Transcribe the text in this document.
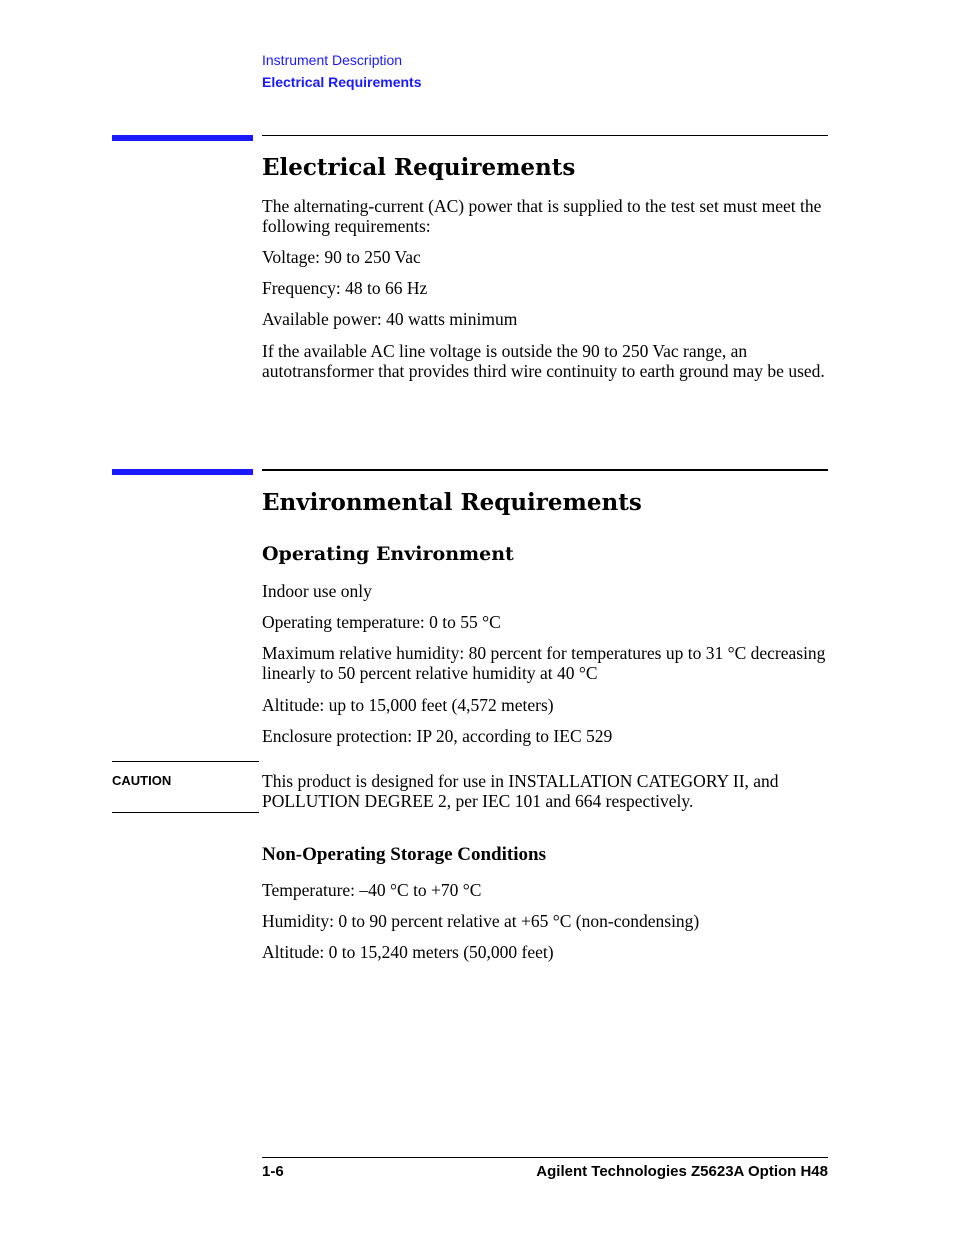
Instrument Description
Electrical Requirements
Electrical Requirements
The alternating-current (AC) power that is supplied to the test set must meet the following requirements:
Voltage: 90 to 250 Vac
Frequency: 48 to 66 Hz
Available power: 40 watts minimum
If the available AC line voltage is outside the 90 to 250 Vac range, an autotransformer that provides third wire continuity to earth ground may be used.
Environmental Requirements
Operating Environment
Indoor use only
Operating temperature: 0 to 55 °C
Maximum relative humidity: 80 percent for temperatures up to 31 °C decreasing linearly to 50 percent relative humidity at 40 °C
Altitude: up to 15,000 feet (4,572 meters)
Enclosure protection: IP 20, according to IEC 529
CAUTION	This product is designed for use in INSTALLATION CATEGORY II, and POLLUTION DEGREE 2, per IEC 101 and 664 respectively.
Non-Operating Storage Conditions
Temperature: –40 °C to +70 °C
Humidity: 0 to 90 percent relative at +65 °C (non-condensing)
Altitude: 0 to 15,240 meters (50,000 feet)
1-6	Agilent Technologies Z5623A Option H48
